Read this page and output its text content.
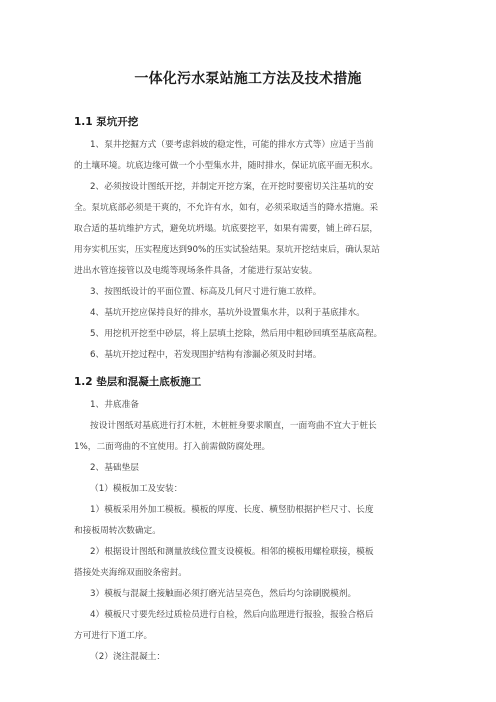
一体化污水泵站施工方法及技术措施
1.1 泵坑开挖
1、泵井挖掘方式（要考虑斜坡的稳定性，可能的排水方式等）应适于当前
的土壤环境。坑底边缘可做一个小型集水井，随时排水，保证坑底平面无积水。
2、必须按设计图纸开挖，并制定开挖方案，在开挖时要密切关注基坑的安
全。泵坑底部必须是干爽的，不允许有水，如有，必须采取适当的降水措施。采
取合适的基坑维护方式，避免坑坍塌。坑底要挖平，如果有需要，铺上碎石层，
用夯实机压实，压实程度达到90%的压实试验结果。泵坑开挖结束后，确认泵站
进出水管连接管以及电缆等现场条件具备，才能进行泵站安装。
3、按图纸设计的平面位置、标高及几何尺寸进行施工放样。
4、基坑开挖应保持良好的排水，基坑外设置集水井，以利于基底排水。
5、用挖机开挖至中砂层，将上层填土挖除，然后用中粗砂回填至基底高程。
6、基坑开挖过程中，若发现围护结构有渗漏必须及时封堵。
1.2 垫层和混凝土底板施工
1、井底准备
按设计图纸对基底进行打木桩，木桩桩身要求顺直，一面弯曲不宜大于桩长
1%，二面弯曲的不宜使用。打入前需做防腐处理。
2、基础垫层
（1）模板加工及安装：
1）模板采用外加工模板。模板的厚度、长度、横竖肋根据护栏尺寸、长度
和接板周转次数确定。
2）根据设计图纸和测量放线位置支设模板。相邻的模板用螺栓联接，模板
搭接处夹海绵双面胶条密封。
3）模板与混凝土接触面必须打磨光洁呈亮色，然后均匀涂刷脱模剂。
4）模板尺寸要先经过质检员进行自检，然后向监理进行报验，报验合格后
方可进行下道工序。
（2）浇注混凝土：
